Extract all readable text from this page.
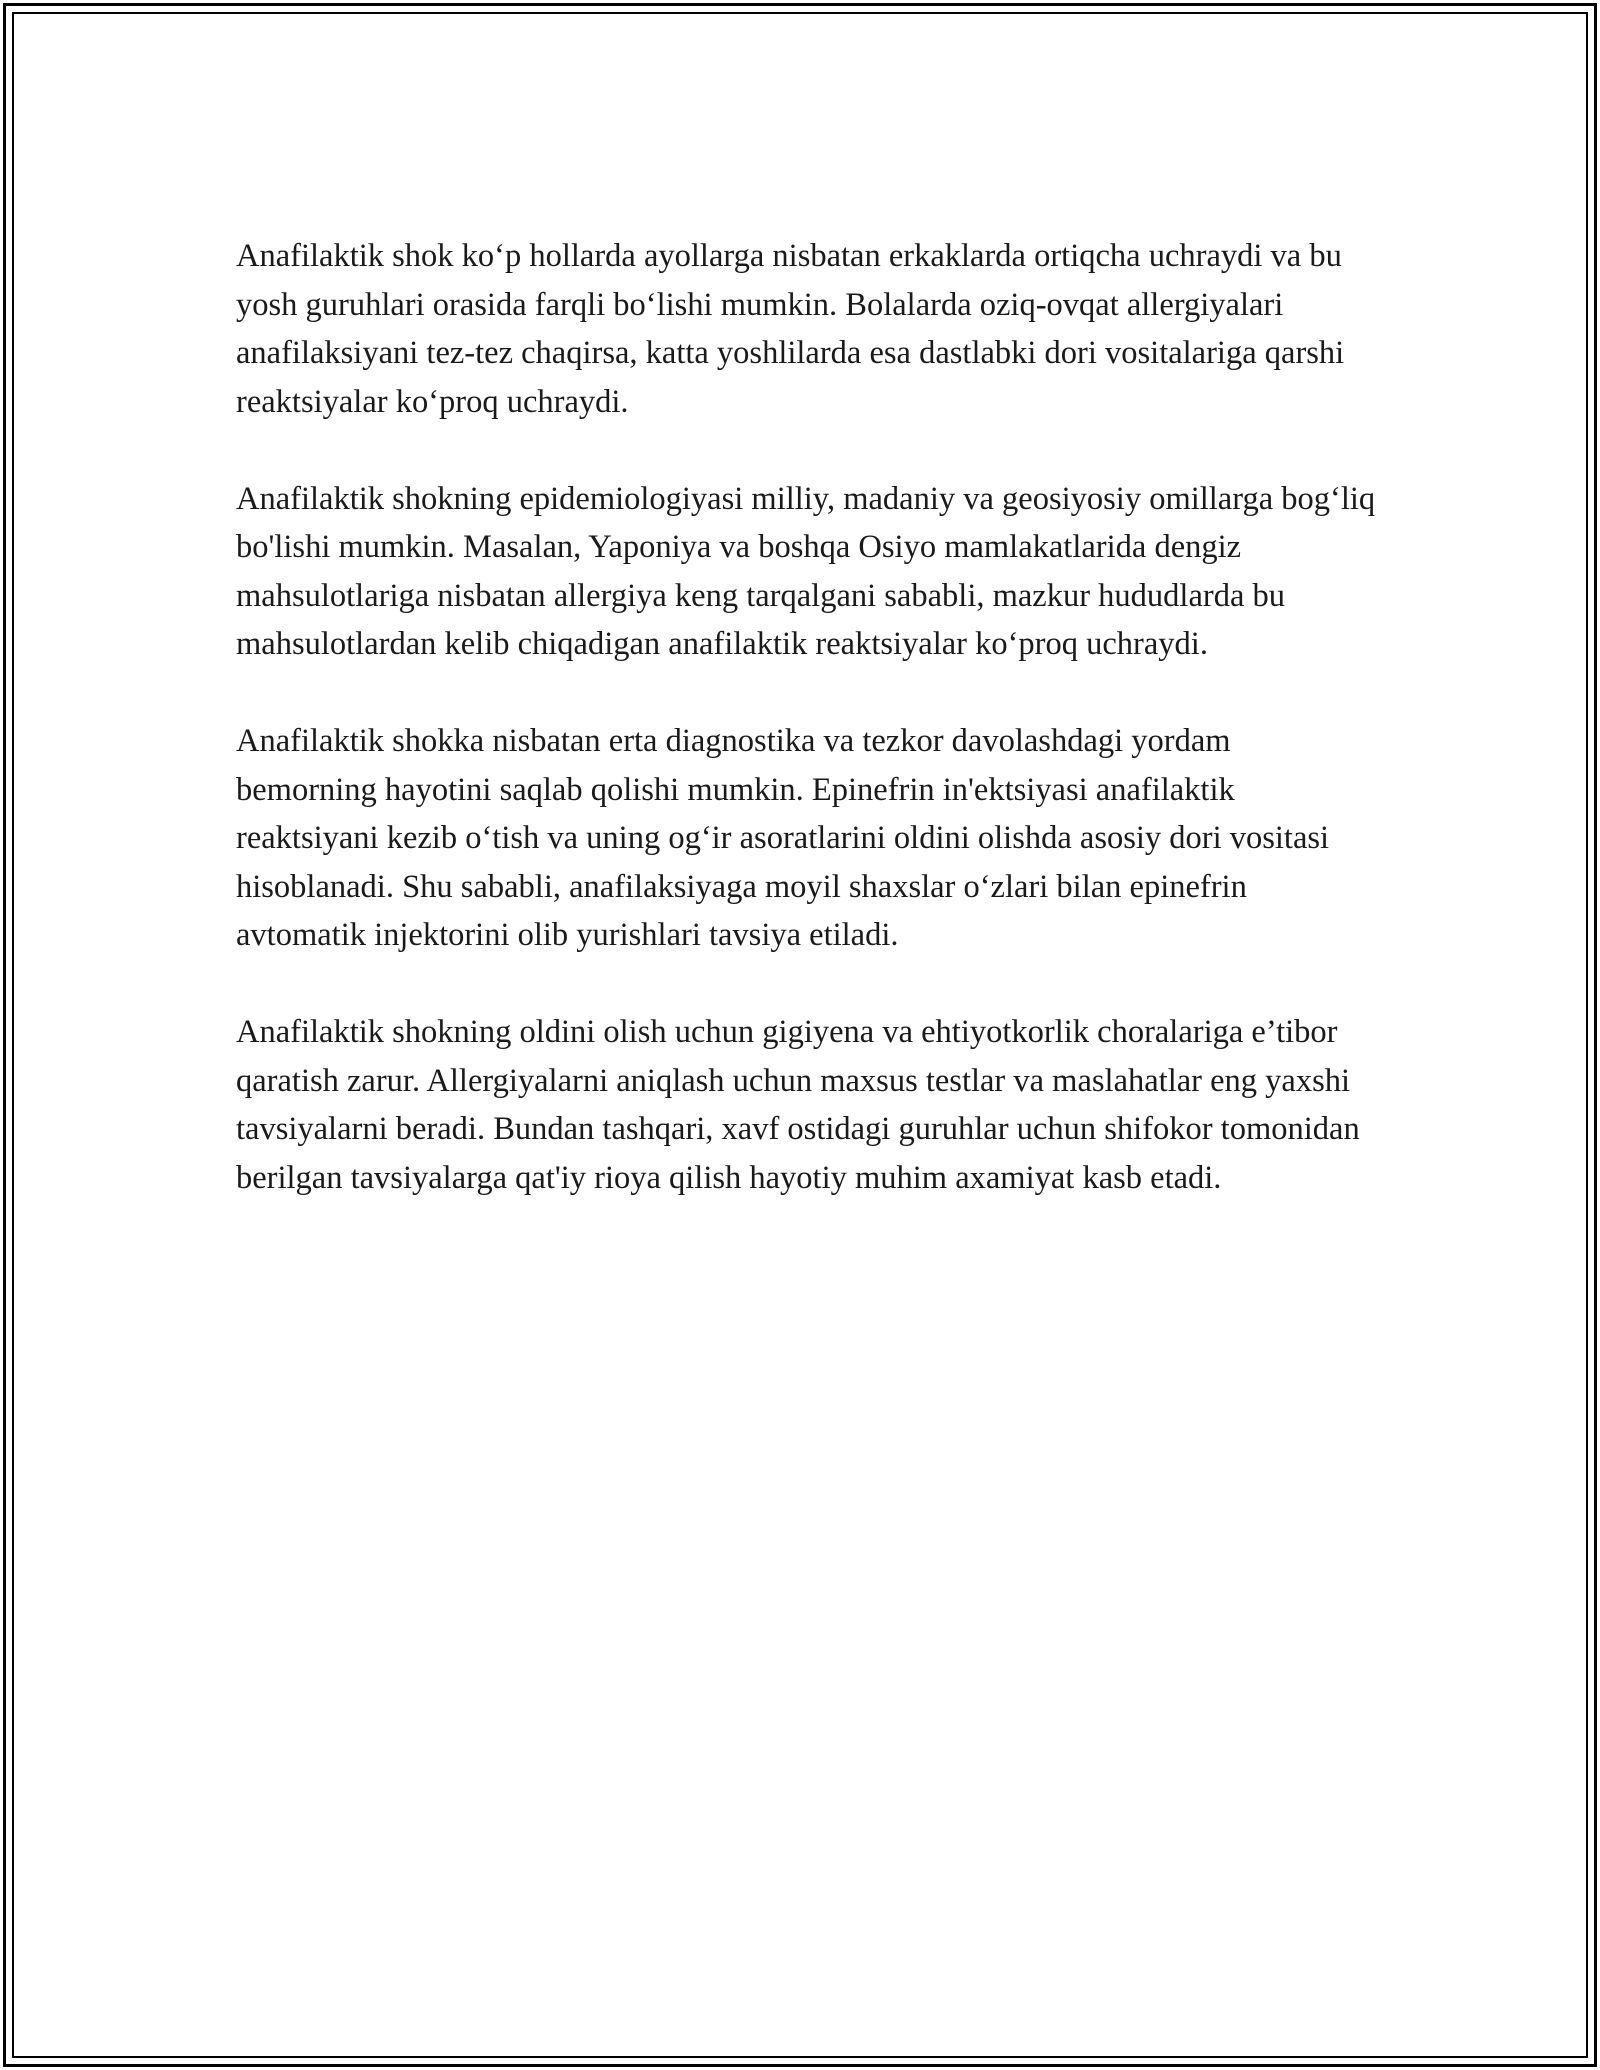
Anafilaktik shok ko‘p hollarda ayollarga nisbatan erkaklarda ortiqcha uchraydi va bu yosh guruhlari orasida farqli bo‘lishi mumkin. Bolalarda oziq-ovqat allergiyalari anafilaksiyani tez-tez chaqirsa, katta yoshlilarda esa dastlabki dori vositalariga qarshi reaktsiyalar ko‘proq uchraydi.

Anafilaktik shokning epidemiologiyasi milliy, madaniy va geosiyosiy omillarga bog‘liq bo'lishi mumkin. Masalan, Yaponiya va boshqa Osiyo mamlakatlarida dengiz mahsulotlariga nisbatan allergiya keng tarqalgani sababli, mazkur hududlarda bu mahsulotlardan kelib chiqadigan anafilaktik reaktsiyalar ko‘proq uchraydi.

Anafilaktik shokka nisbatan erta diagnostika va tezkor davolashdagi yordam bemorning hayotini saqlab qolishi mumkin. Epinefrin in'ektsiyasi anafilaktik reaktsiyani kezib o‘tish va uning og‘ir asoratlarini oldini olishda asosiy dori vositasi hisoblanadi. Shu sababli, anafilaksiyaga moyil shaxslar o‘zlari bilan epinefrin avtomatik injektorini olib yurishlari tavsiya etiladi.

Anafilaktik shokning oldini olish uchun gigiyena va ehtiyotkorlik choralariga e’tibor qaratish zarur. Allergiyalarni aniqlash uchun maxsus testlar va maslahatlar eng yaxshi tavsiyalarni beradi. Bundan tashqari, xavf ostidagi guruhlar uchun shifokor tomonidan berilgan tavsiyalarga qat'iy rioya qilish hayotiy muhim axamiyat kasb etadi.
